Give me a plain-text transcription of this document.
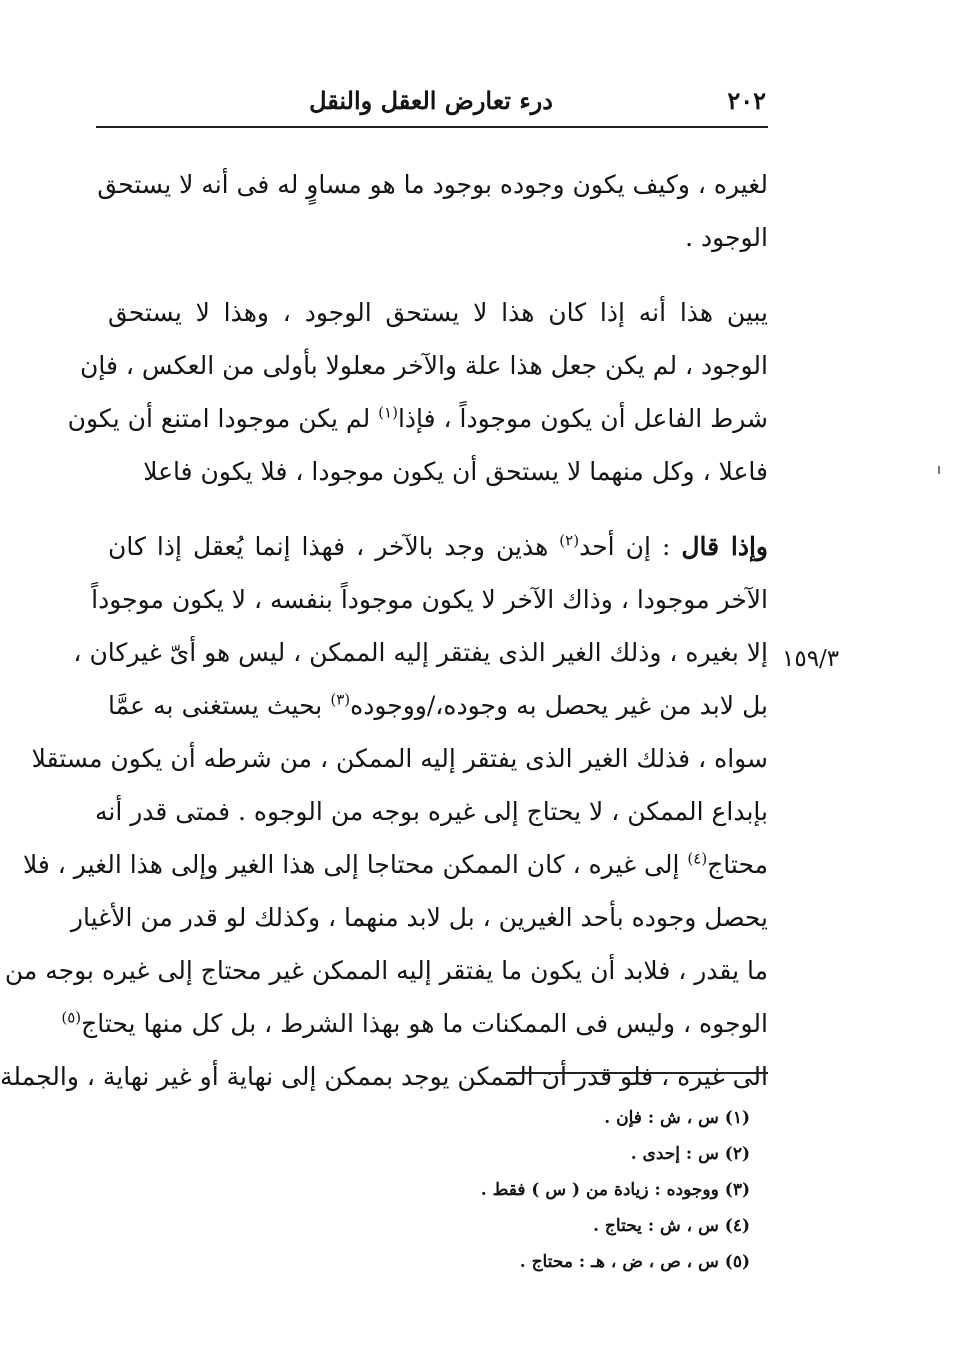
٢٠٢
درء تعارض العقل والنقل
١٥٩/٣
لغيره ، وكيف يكون وجوده بوجود ما هو مساوٍ له فى أنه لا يستحق
الوجود .
يبين هذا أنه إذا كان هذا لا يستحق الوجود ، وهذا لا يستحق
الوجود ، لم يكن جعل هذا علة والآخر معلولا بأولى من العكس ، فإن
شرط الفاعل أن يكون موجوداً ، فإذا$^{(١)}$ لم يكن موجودا امتنع أن يكون
فاعلا ، وكل منهما لا يستحق أن يكون موجودا ، فلا يكون فاعلا
وإذا قال : إن أحد$^{(٢)}$ هذين وجد بالآخر ، فهذا إنما يُعقل إذا كان
الآخر موجودا ، وذاك الآخر لا يكون موجوداً بنفسه ، لا يكون موجوداً
إلا بغيره ، وذلك الغير الذى يفتقر إليه الممكن ، ليس هو أىّ غيركان ،
بل لابد من غير يحصل به وجوده،/ووجوده$^{(٣)}$ بحيث يستغنى به عمَّا
سواه ، فذلك الغير الذى يفتقر إليه الممكن ، من شرطه أن يكون مستقلا
بإبداع الممكن ، لا يحتاج إلى غيره بوجه من الوجوه . فمتى قدر أنه
محتاج$^{(٤)}$ إلى غيره ، كان الممكن محتاجا إلى هذا الغير وإلى هذا الغير ، فلا
يحصل وجوده بأحد الغيرين ، بل لابد منهما ، وكذلك لو قدر من الأغيار
ما يقدر ، فلابد أن يكون ما يفتقر إليه الممكن غير محتاج إلى غيره بوجه من
الوجوه ، وليس فى الممكنات ما هو بهذا الشرط ، بل كل منها يحتاج$^{(٥)}$
الى غيره ، فلو قدر أن الممكن يوجد بممكن إلى نهاية أو غير نهاية ، والجملة
(١) س ، ش : فإن .
(٢) س : إحدى .
(٣) ووجوده : زيادة من ( س ) فقط .
(٤) س ، ش : يحتاج .
(٥) س ، ص ، ض ، هـ : محتاج .
